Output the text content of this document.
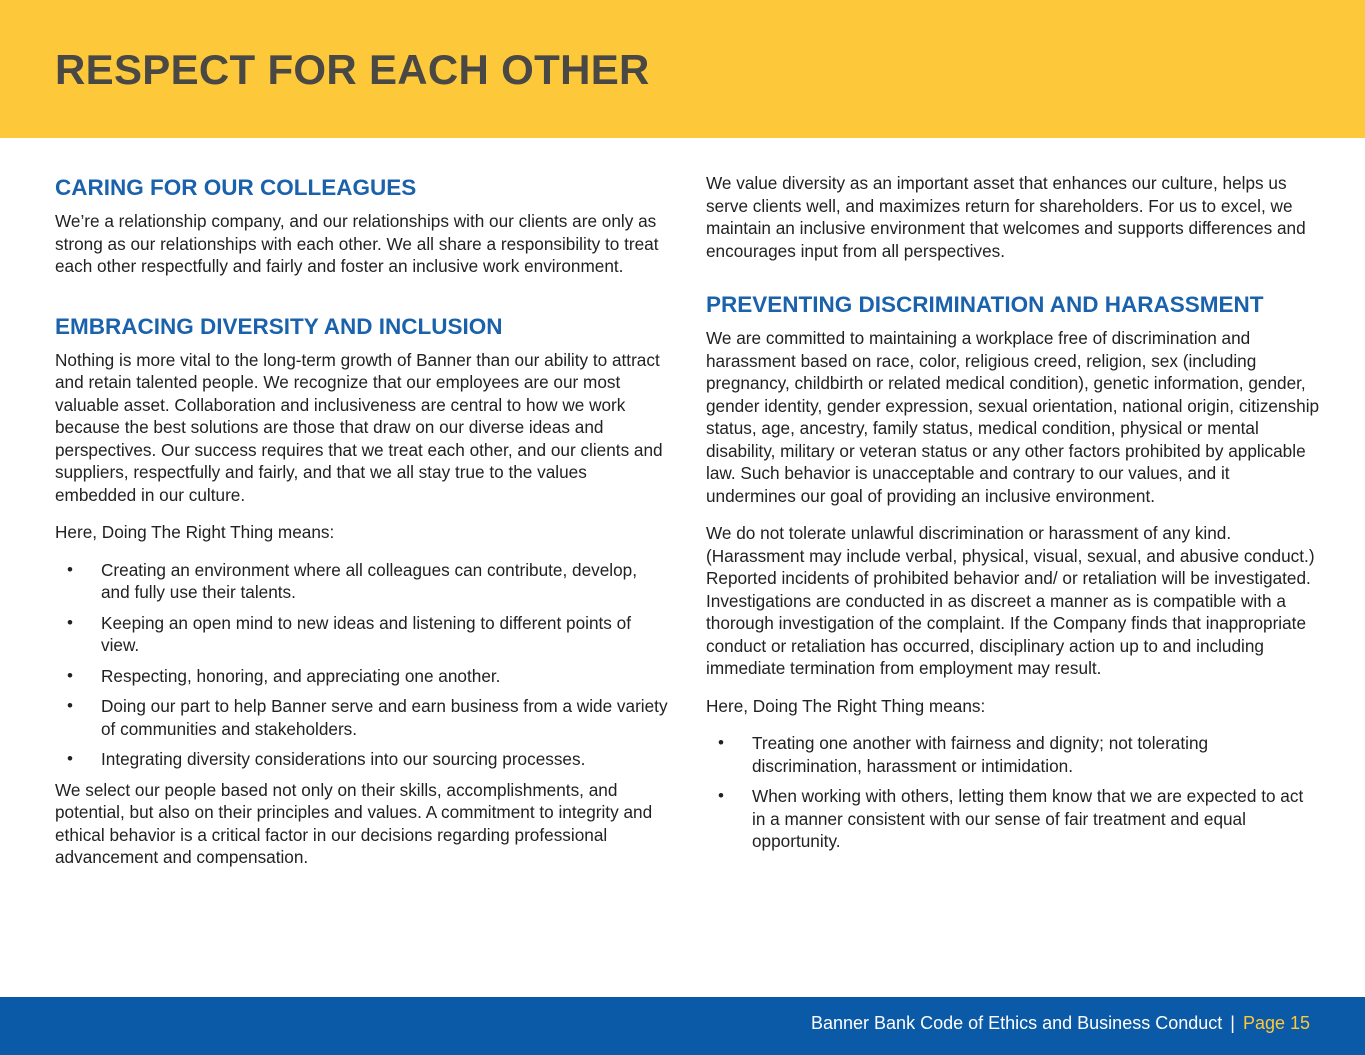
RESPECT FOR EACH OTHER
CARING FOR OUR COLLEAGUES

We’re a relationship company, and our relationships with our clients are only as strong as our relationships with each other. We all share a responsibility to treat each other respectfully and fairly and foster an inclusive work environment.

EMBRACING DIVERSITY AND INCLUSION

Nothing is more vital to the long-term growth of Banner than our ability to attract and retain talented people. We recognize that our employees are our most valuable asset. Collaboration and inclusiveness are central to how we work because the best solutions are those that draw on our diverse ideas and perspectives. Our success requires that we treat each other, and our clients and suppliers, respectfully and fairly, and that we all stay true to the values embedded in our culture.

Here, Doing The Right Thing means:

• Creating an environment where all colleagues can contribute, develop, and fully use their talents.
• Keeping an open mind to new ideas and listening to different points of view.
• Respecting, honoring, and appreciating one another.
• Doing our part to help Banner serve and earn business from a wide variety of communities and stakeholders.
• Integrating diversity considerations into our sourcing processes.

We select our people based not only on their skills, accomplishments, and potential, but also on their principles and values. A commitment to integrity and ethical behavior is a critical factor in our decisions regarding professional advancement and compensation.

We value diversity as an important asset that enhances our culture, helps us serve clients well, and maximizes return for shareholders. For us to excel, we maintain an inclusive environment that welcomes and supports differences and encourages input from all perspectives.

PREVENTING DISCRIMINATION AND HARASSMENT

We are committed to maintaining a workplace free of discrimination and harassment based on race, color, religious creed, religion, sex (including pregnancy, childbirth or related medical condition), genetic information, gender, gender identity, gender expression, sexual orientation, national origin, citizenship status, age, ancestry, family status, medical condition, physical or mental disability, military or veteran status or any other factors prohibited by applicable law. Such behavior is unacceptable and contrary to our values, and it undermines our goal of providing an inclusive environment.

We do not tolerate unlawful discrimination or harassment of any kind. (Harassment may include verbal, physical, visual, sexual, and abusive conduct.) Reported incidents of prohibited behavior and/ or retaliation will be investigated. Investigations are conducted in as discreet a manner as is compatible with a thorough investigation of the complaint. If the Company finds that inappropriate conduct or retaliation has occurred, disciplinary action up to and including immediate termination from employment may result.

Here, Doing The Right Thing means:

• Treating one another with fairness and dignity; not tolerating discrimination, harassment or intimidation.
• When working with others, letting them know that we are expected to act in a manner consistent with our sense of fair treatment and equal opportunity.
Banner Bank Code of Ethics and Business Conduct | Page 15
